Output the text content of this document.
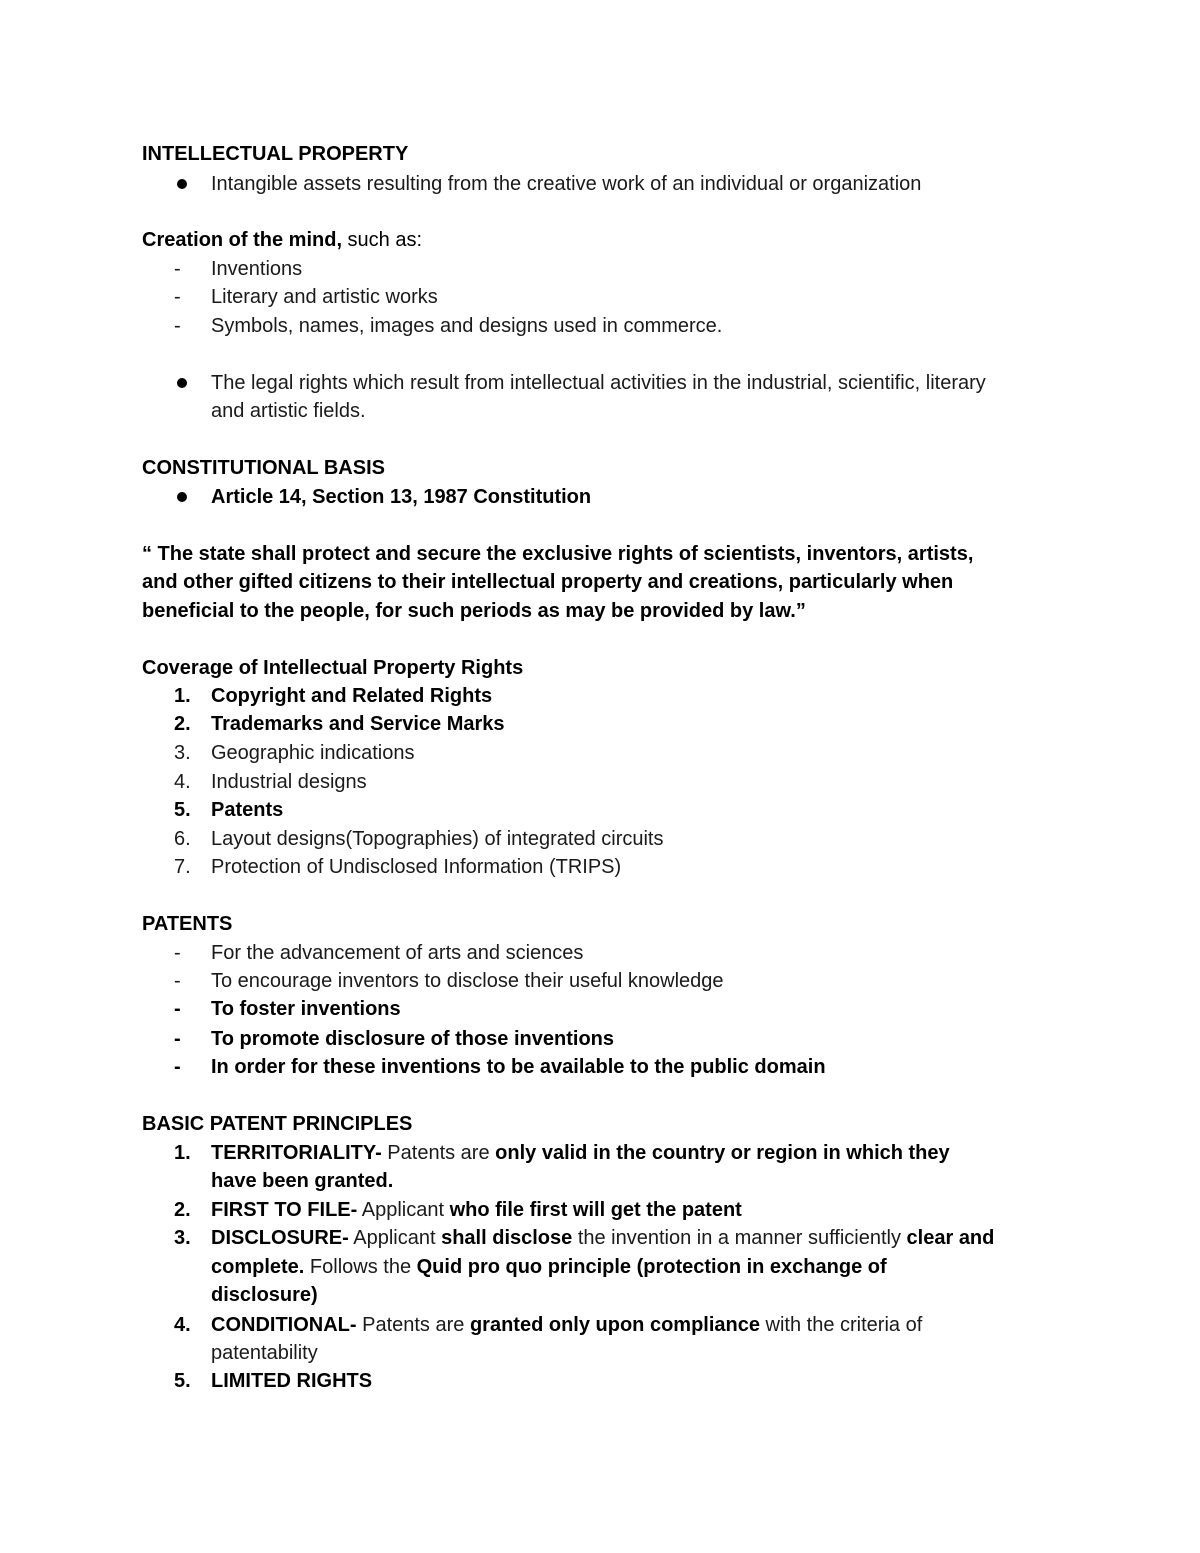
INTELLECTUAL PROPERTY
Intangible assets resulting from the creative work of an individual or organization
Creation of the mind, such as:
-	Inventions
-	Literary and artistic works
-	Symbols, names, images and designs used in commerce.
The legal rights which result from intellectual activities in the industrial, scientific, literary
and artistic fields.
CONSTITUTIONAL BASIS
Article 14, Section 13, 1987 Constitution
“ The state shall protect and secure the exclusive rights of scientists, inventors, artists,
and other gifted citizens to their intellectual property and creations, particularly when
beneficial to the people, for such periods as may be provided by law.”
Coverage of Intellectual Property Rights
1.	Copyright and Related Rights
2.	Trademarks and Service Marks
3.	Geographic indications
4.	Industrial designs
5.	Patents
6.	Layout designs(Topographies) of integrated circuits
7.	Protection of Undisclosed Information (TRIPS)
PATENTS
-	For the advancement of arts and sciences
-	To encourage inventors to disclose their useful knowledge
-	To foster inventions
-	To promote disclosure of those inventions
-	In order for these inventions to be available to the public domain
BASIC PATENT PRINCIPLES
1.	TERRITORIALITY- Patents are only valid in the country or region in which they
have been granted.
2.	FIRST TO FILE- Applicant who file first will get the patent
3.	DISCLOSURE- Applicant shall disclose the invention in a manner sufficiently clear and
complete. Follows the Quid pro quo principle (protection in exchange of
disclosure)
4.	CONDITIONAL- Patents are granted only upon compliance with the criteria of
patentability
5.	LIMITED RIGHTS
